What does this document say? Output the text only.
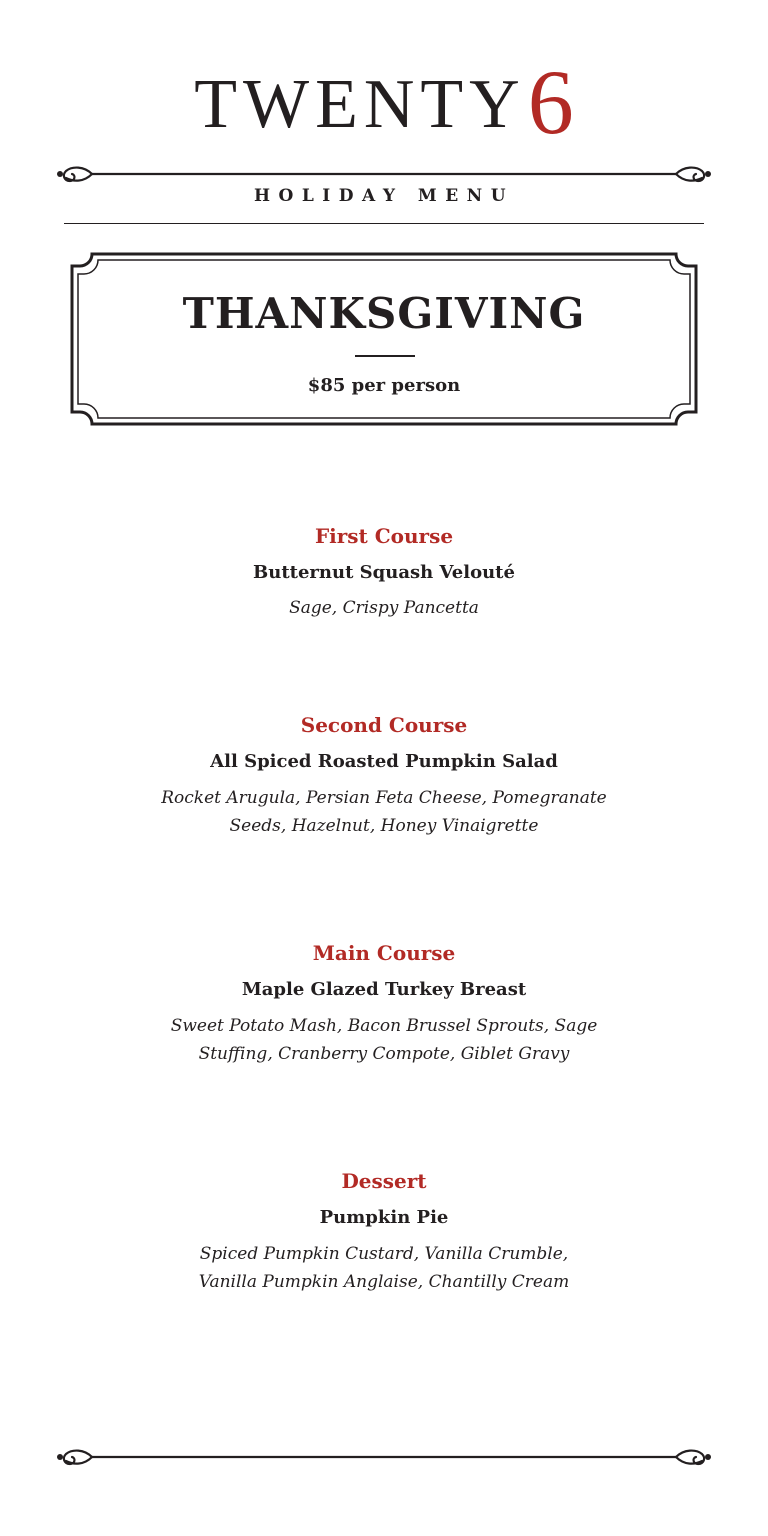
TWENTY6
HOLIDAY MENU
THANKSGIVING
$85 per person
First Course
Butternut Squash Velouté
Sage, Crispy Pancetta
Second Course
All Spiced Roasted Pumpkin Salad
Rocket Arugula, Persian Feta Cheese, Pomegranate
Seeds, Hazelnut, Honey Vinaigrette
Main Course
Maple Glazed Turkey Breast
Sweet Potato Mash, Bacon Brussel Sprouts, Sage
Stuffing, Cranberry Compote, Giblet Gravy
Dessert
Pumpkin Pie
Spiced Pumpkin Custard, Vanilla Crumble,
Vanilla Pumpkin Anglaise, Chantilly Cream
